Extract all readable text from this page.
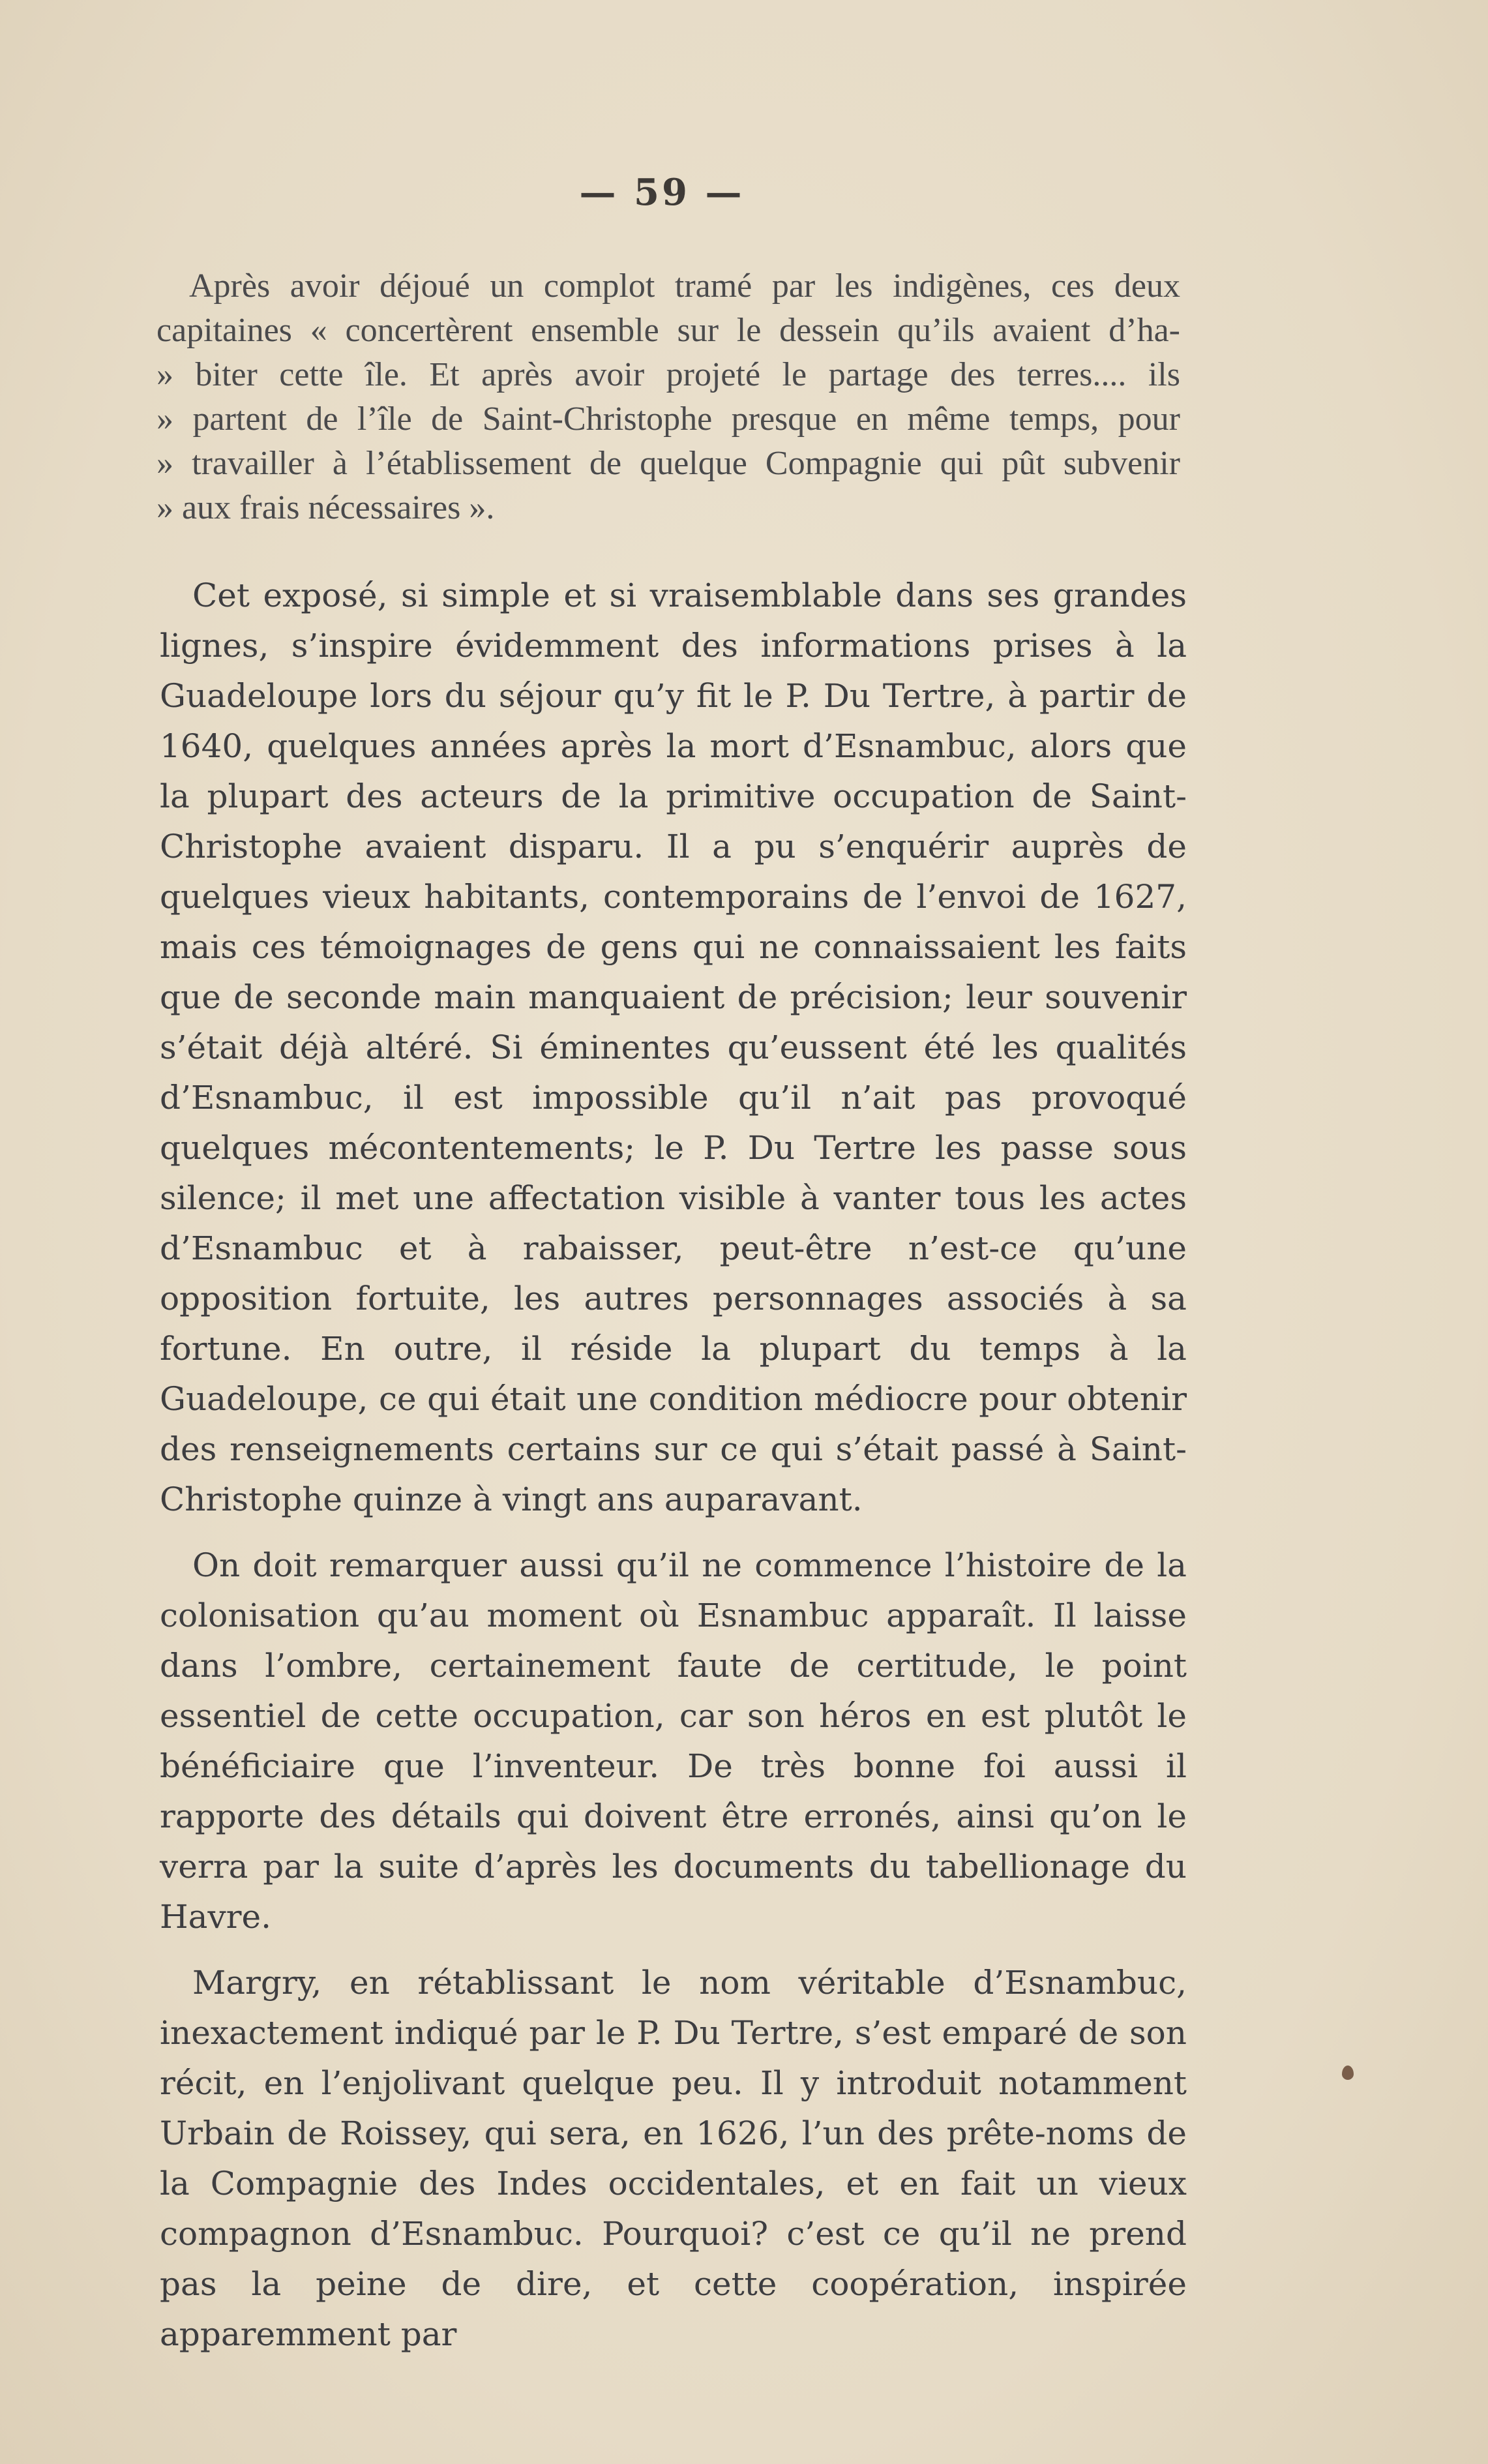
— 59 —
Après avoir déjoué un complot tramé par les indigènes, ces deux
capitaines « concertèrent ensemble sur le dessein qu’ils avaient d’ha-
» biter cette île. Et après avoir projeté le partage des terres.... ils
» partent de l’île de Saint-Christophe presque en même temps, pour
» travailler à l’établissement de quelque Compagnie qui pût subvenir
» aux frais nécessaires ».

Cet exposé, si simple et si vraisemblable dans ses grandes lignes, s’inspire évidemment des informations prises à la Guadeloupe lors du séjour qu’y fit le P. Du Tertre, à partir de 1640, quelques années après la mort d’Esnambuc, alors que la plupart des acteurs de la primitive occupation de Saint-Christophe avaient disparu. Il a pu s’enquérir auprès de quelques vieux habitants, contemporains de l’envoi de 1627, mais ces témoignages de gens qui ne connaissaient les faits que de seconde main manquaient de précision; leur souvenir s’était déjà altéré. Si éminentes qu’eussent été les qualités d’Esnambuc, il est impossible qu’il n’ait pas provoqué quelques mécontentements; le P. Du Tertre les passe sous silence; il met une affectation visible à vanter tous les actes d’Esnambuc et à rabaisser, peut-être n’est-ce qu’une opposition fortuite, les autres personnages associés à sa fortune. En outre, il réside la plupart du temps à la Guadeloupe, ce qui était une condition médiocre pour obtenir des renseignements certains sur ce qui s’était passé à Saint-Christophe quinze à vingt ans auparavant.

On doit remarquer aussi qu’il ne commence l’histoire de la colonisation qu’au moment où Esnambuc apparaît. Il laisse dans l’ombre, certainement faute de certitude, le point essentiel de cette occupation, car son héros en est plutôt le bénéficiaire que l’inventeur. De très bonne foi aussi il rapporte des détails qui doivent être erronés, ainsi qu’on le verra par la suite d’après les documents du tabellionage du Havre.

Margry, en rétablissant le nom véritable d’Esnambuc, inexactement indiqué par le P. Du Tertre, s’est emparé de son récit, en l’enjolivant quelque peu. Il y introduit notamment Urbain de Roissey, qui sera, en 1626, l’un des prête-noms de la Compagnie des Indes occidentales, et en fait un vieux compagnon d’Esnambuc. Pourquoi? c’est ce qu’il ne prend pas la peine de dire, et cette coopération, inspirée apparemment par
